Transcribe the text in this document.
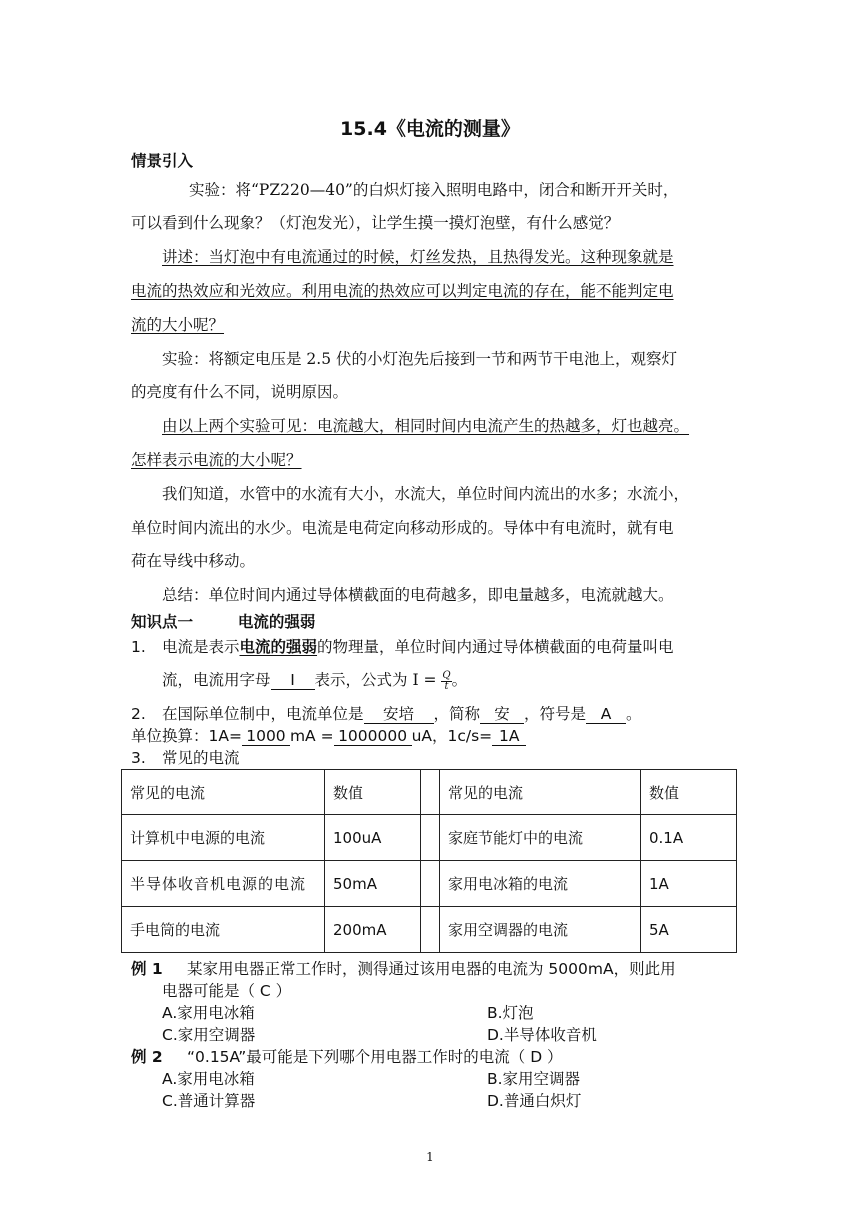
15.4《电流的测量》
情景引入
实验：将“PZ220—40”的白炽灯接入照明电路中，闭合和断开开关时，
可以看到什么现象？（灯泡发光），让学生摸一摸灯泡壁，有什么感觉？
讲述：当灯泡中有电流通过的时候，灯丝发热，且热得发光。这种现象就是
电流的热效应和光效应。利用电流的热效应可以判定电流的存在，能不能判定电
流的大小呢？
实验：将额定电压是 2.5 伏的小灯泡先后接到一节和两节干电池上，观察灯
的亮度有什么不同，说明原因。
由以上两个实验可见：电流越大，相同时间内电流产生的热越多，灯也越亮。
怎样表示电流的大小呢？
我们知道，水管中的水流有大小，水流大，单位时间内流出的水多；水流小，
单位时间内流出的水少。电流是电荷定向移动形成的。导体中有电流时，就有电
荷在导线中移动。
总结：单位时间内通过导体横截面的电荷越多，即电量越多，电流就越大。
知识点一	电流的强弱
1. 电流是表示电流的强弱的物理量，单位时间内通过导体横截面的电荷量叫电
流，电流用字母 I 表示，公式为 $I = \frac{Q}{t}$ 。
2. 在国际单位制中，电流单位是 安培 ，简称 安 ，符号是 A 。
单位换算：1A= 1000 mA = 1000000 uA，1c/s= 1A
3. 常见的电流
常见的电流	数值		常见的电流	数值
计算机中电源的电流	100uA		家庭节能灯中的电流	0.1A
半导体收音机电源的电流	50mA		家用电冰箱的电流	1A
手电筒的电流	200mA		家用空调器的电流	5A
例 1 某家用电器正常工作时，测得通过该用电器的电流为 5000mA，则此用
电器可能是（ C ）
A.家用电冰箱	B.灯泡
C.家用空调器	D.半导体收音机
例 2 “0.15A”最可能是下列哪个用电器工作时的电流（ D ）
A.家用电冰箱	B.家用空调器
C.普通计算器	D.普通白炽灯
1
